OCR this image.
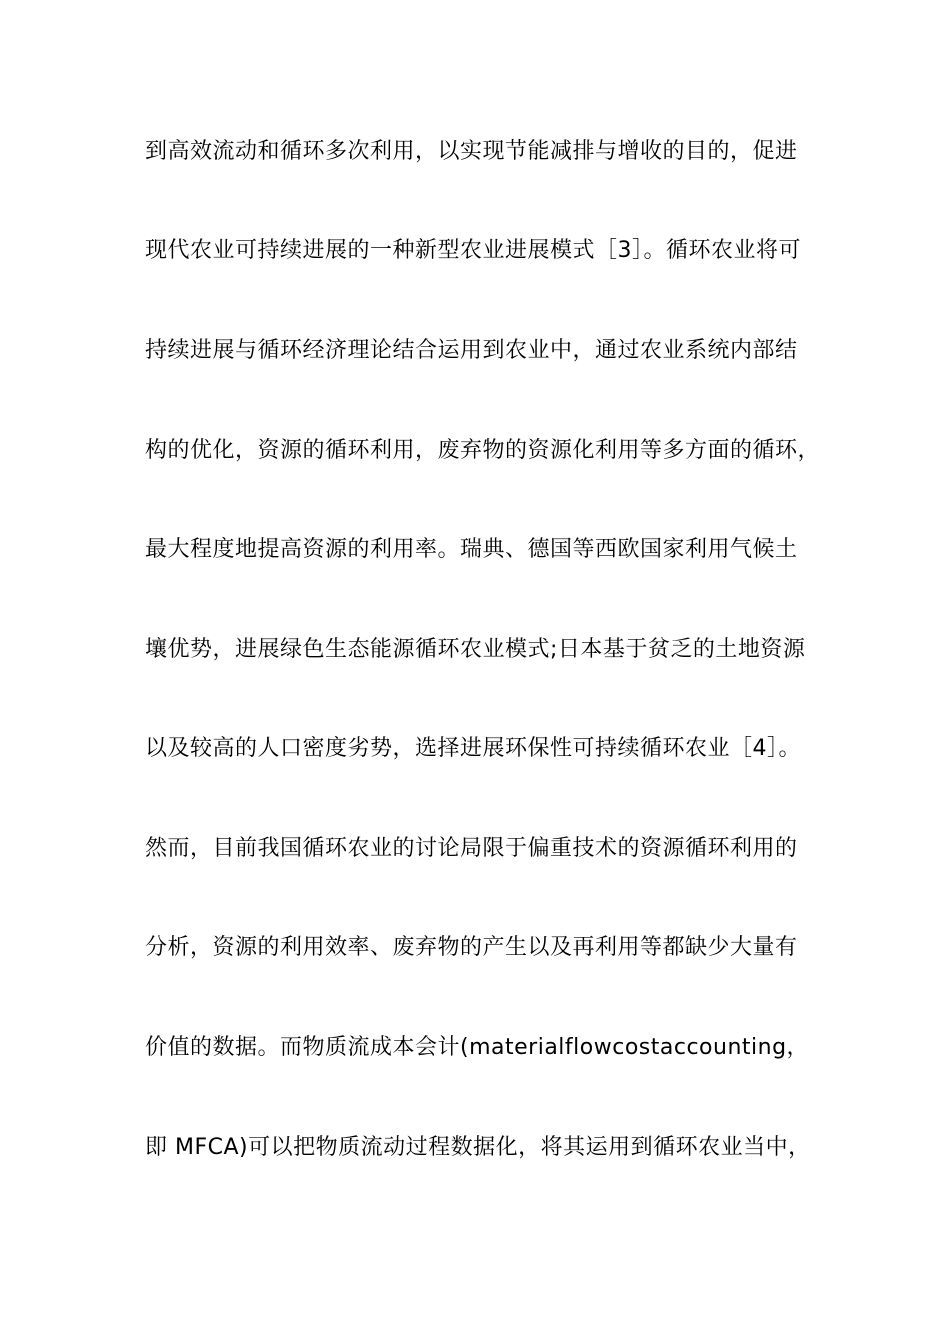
到高效流动和循环多次利用，以实现节能减排与增收的目的，促进
现代农业可持续进展的一种新型农业进展模式［3］。循环农业将可
持续进展与循环经济理论结合运用到农业中，通过农业系统内部结
构的优化，资源的循环利用，废弃物的资源化利用等多方面的循环，
最大程度地提高资源的利用率。瑞典、德国等西欧国家利用气候土
壤优势，进展绿色生态能源循环农业模式;日本基于贫乏的土地资源
以及较高的人口密度劣势，选择进展环保性可持续循环农业［4］。
然而，目前我国循环农业的讨论局限于偏重技术的资源循环利用的
分析，资源的利用效率、废弃物的产生以及再利用等都缺少大量有
价值的数据。而物质流成本会计(materialflowcostaccounting，
即 MFCA)可以把物质流动过程数据化，将其运用到循环农业当中，
